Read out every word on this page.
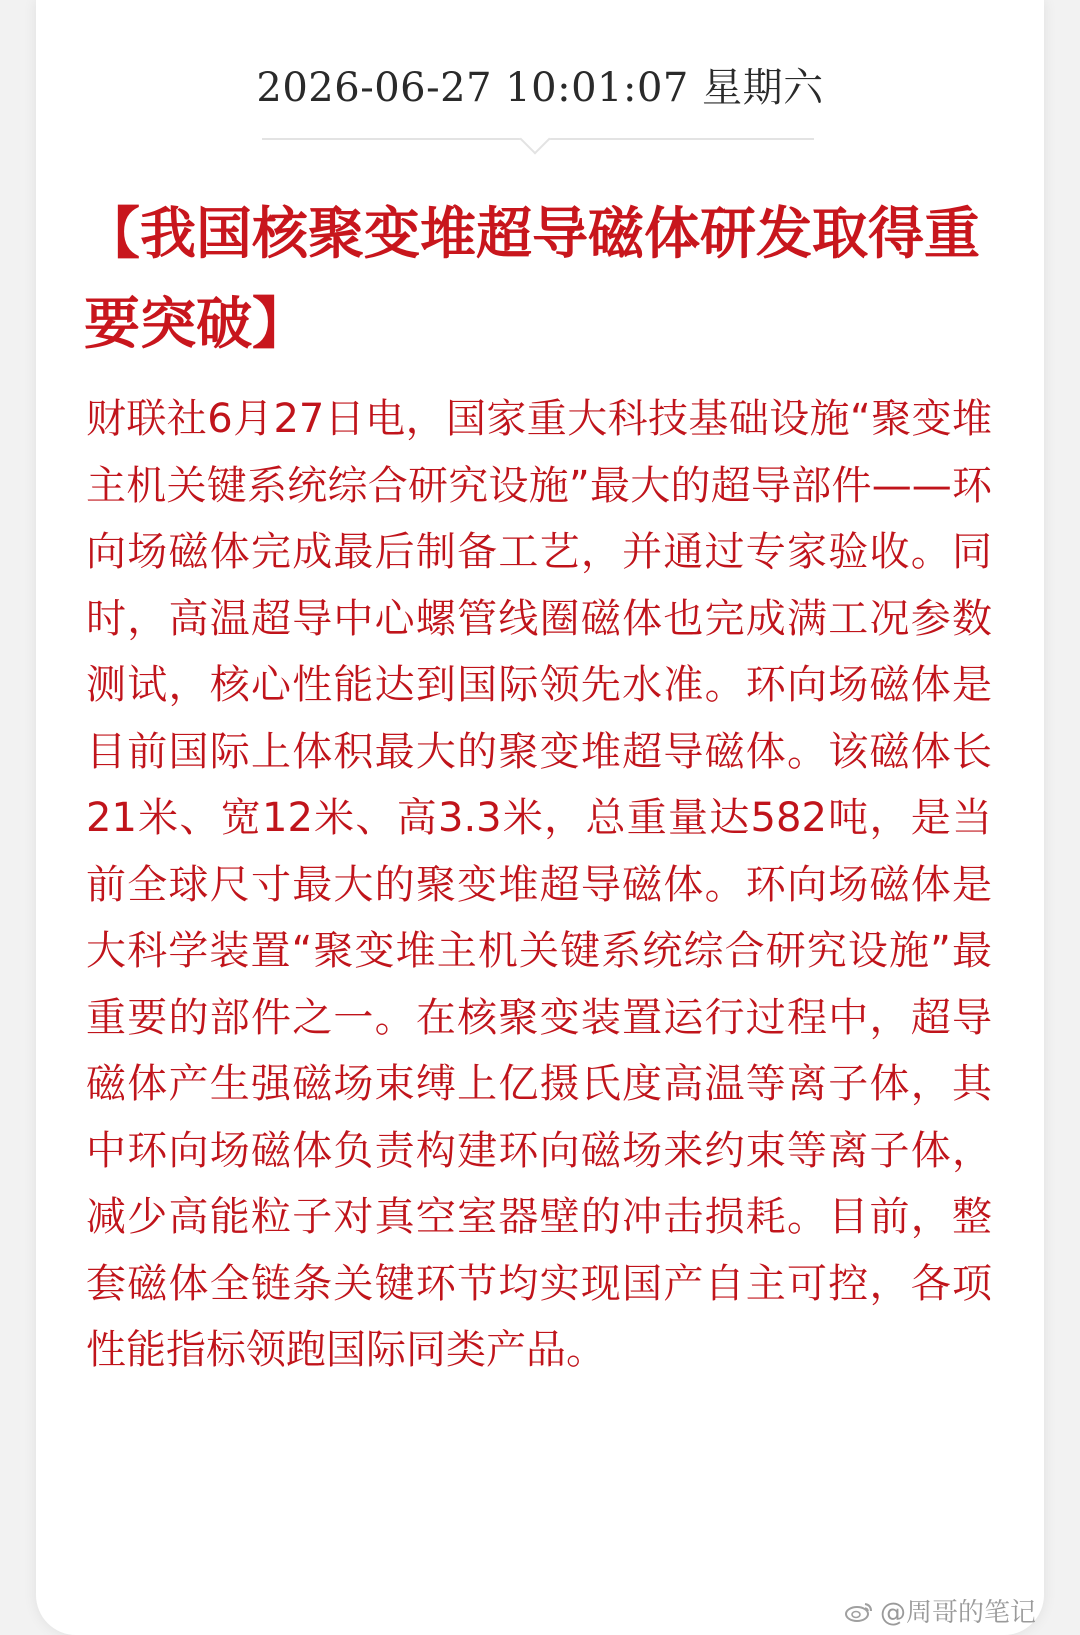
2026-06-27 10:01:07 星期六
【我国核聚变堆超导磁体研发取得重要突破】

财联社6月27日电，国家重大科技基础设施“聚变堆主机关键系统综合研究设施”最大的超导部件——环向场磁体完成最后制备工艺，并通过专家验收。同时，高温超导中心螺管线圈磁体也完成满工况参数测试，核心性能达到国际领先水准。环向场磁体是目前国际上体积最大的聚变堆超导磁体。该磁体长21米、宽12米、高3.3米，总重量达582吨，是当前全球尺寸最大的聚变堆超导磁体。环向场磁体是大科学装置“聚变堆主机关键系统综合研究设施”最重要的部件之一。在核聚变装置运行过程中，超导磁体产生强磁场束缚上亿摄氏度高温等离子体，其中环向场磁体负责构建环向磁场来约束等离子体，减少高能粒子对真空室器壁的冲击损耗。目前，整套磁体全链条关键环节均实现国产自主可控，各项性能指标领跑国际同类产品。

@周哥的笔记
